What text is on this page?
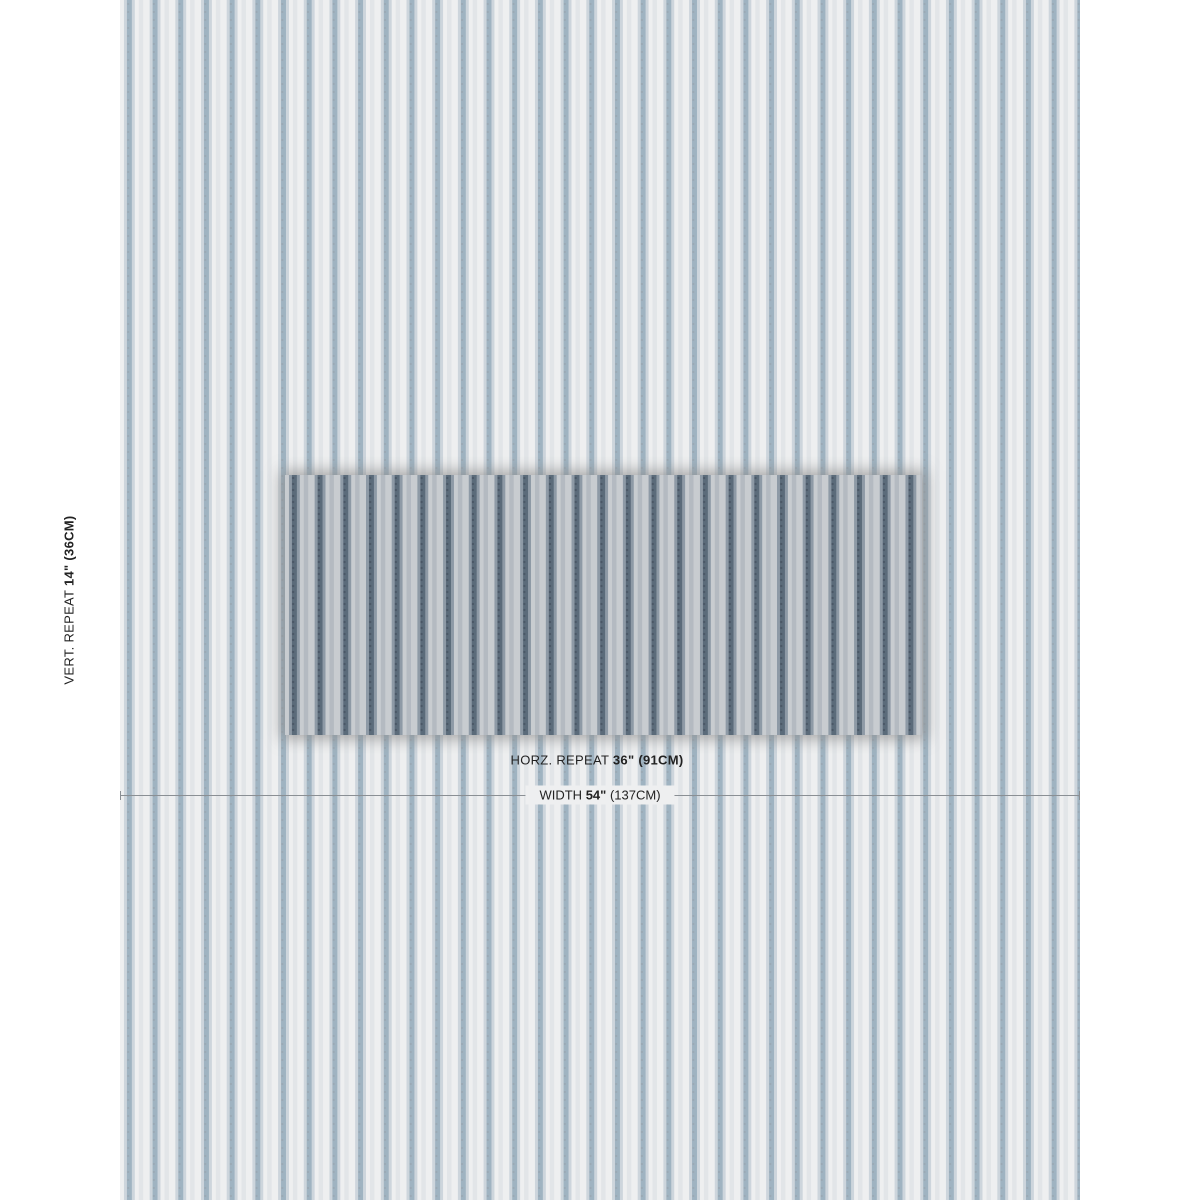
VERT. REPEAT 14" (36CM)
HORZ. REPEAT 36" (91CM)
WIDTH 54" (137CM)
